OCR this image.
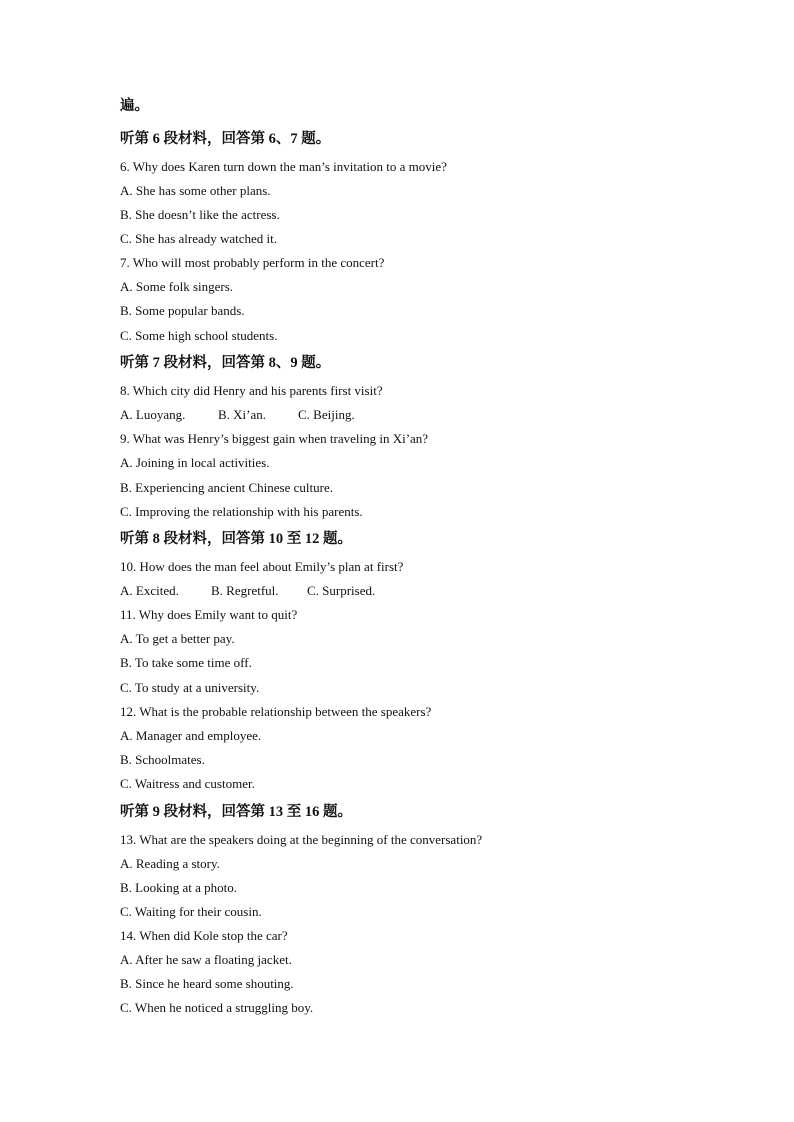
遍。
听第 6 段材料，回答第 6、7 题。
6. Why does Karen turn down the man’s invitation to a movie?
A. She has some other plans.
B. She doesn’t like the actress.
C. She has already watched it.
7. Who will most probably perform in the concert?
A. Some folk singers.
B. Some popular bands.
C. Some high school students.
听第 7 段材料，回答第 8、9 题。
8. Which city did Henry and his parents first visit?
A. Luoyang.	B. Xi’an. C. Beijing.
9. What was Henry’s biggest gain when traveling in Xi’an?
A. Joining in local activities.
B. Experiencing ancient Chinese culture.
C. Improving the relationship with his parents.
听第 8 段材料，回答第 10 至 12 题。
10. How does the man feel about Emily’s plan at first?
A. Excited. B. Regretful. C. Surprised.
11. Why does Emily want to quit?
A. To get a better pay.
B. To take some time off.
C. To study at a university.
12. What is the probable relationship between the speakers?
A. Manager and employee.
B. Schoolmates.
C. Waitress and customer.
听第 9 段材料，回答第 13 至 16 题。
13. What are the speakers doing at the beginning of the conversation?
A. Reading a story.
B. Looking at a photo.
C. Waiting for their cousin.
14. When did Kole stop the car?
A. After he saw a floating jacket.
B. Since he heard some shouting.
C. When he noticed a struggling boy.
